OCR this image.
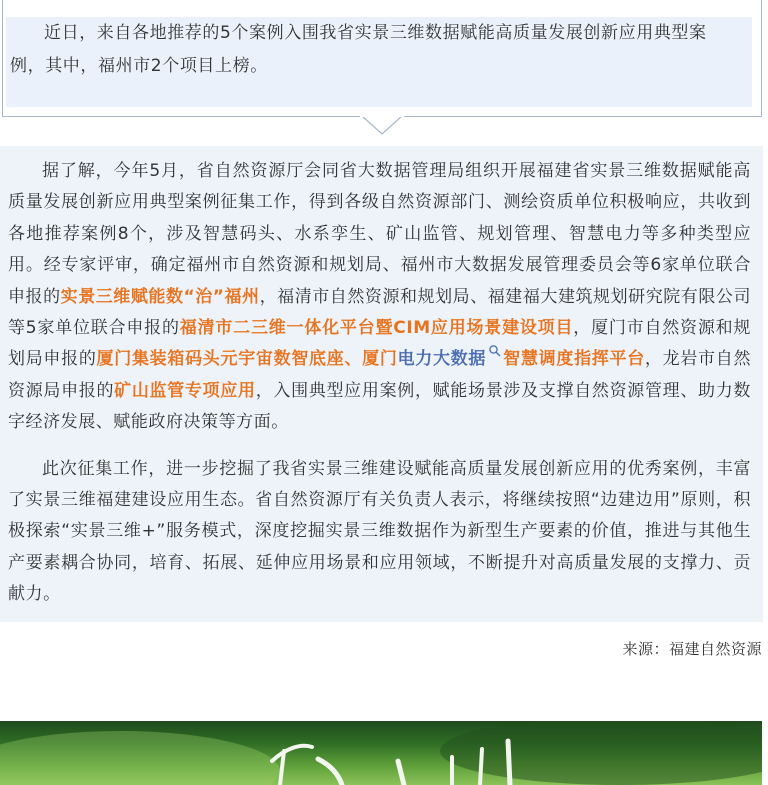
近日，来自各地推荐的5个案例入围我省实景三维数据赋能高质量发展创新应用典型案例，其中，福州市2个项目上榜。

据了解，今年5月，省自然资源厅会同省大数据管理局组织开展福建省实景三维数据赋能高质量发展创新应用典型案例征集工作，得到各级自然资源部门、测绘资质单位积极响应，共收到各地推荐案例8个，涉及智慧码头、水系孪生、矿山监管、规划管理、智慧电力等多种类型应用。经专家评审，确定福州市自然资源和规划局、福州市大数据发展管理委员会等6家单位联合申报的实景三维赋能数“治”福州，福清市自然资源和规划局、福建福大建筑规划研究院有限公司等5家单位联合申报的福清市二三维一体化平台暨CIM应用场景建设项目，厦门市自然资源和规划局申报的厦门集装箱码头元宇宙数智底座、厦门电力大数据 智慧调度指挥平台，龙岩市自然资源局申报的矿山监管专项应用，入围典型应用案例，赋能场景涉及支撑自然资源管理、助力数字经济发展、赋能政府决策等方面。

此次征集工作，进一步挖掘了我省实景三维建设赋能高质量发展创新应用的优秀案例，丰富了实景三维福建建设应用生态。省自然资源厅有关负责人表示，将继续按照“边建边用”原则，积极探索“实景三维+”服务模式，深度挖掘实景三维数据作为新型生产要素的价值，推进与其他生产要素耦合协同，培育、拓展、延伸应用场景和应用领域，不断提升对高质量发展的支撑力、贡献力。

来源：福建自然资源
